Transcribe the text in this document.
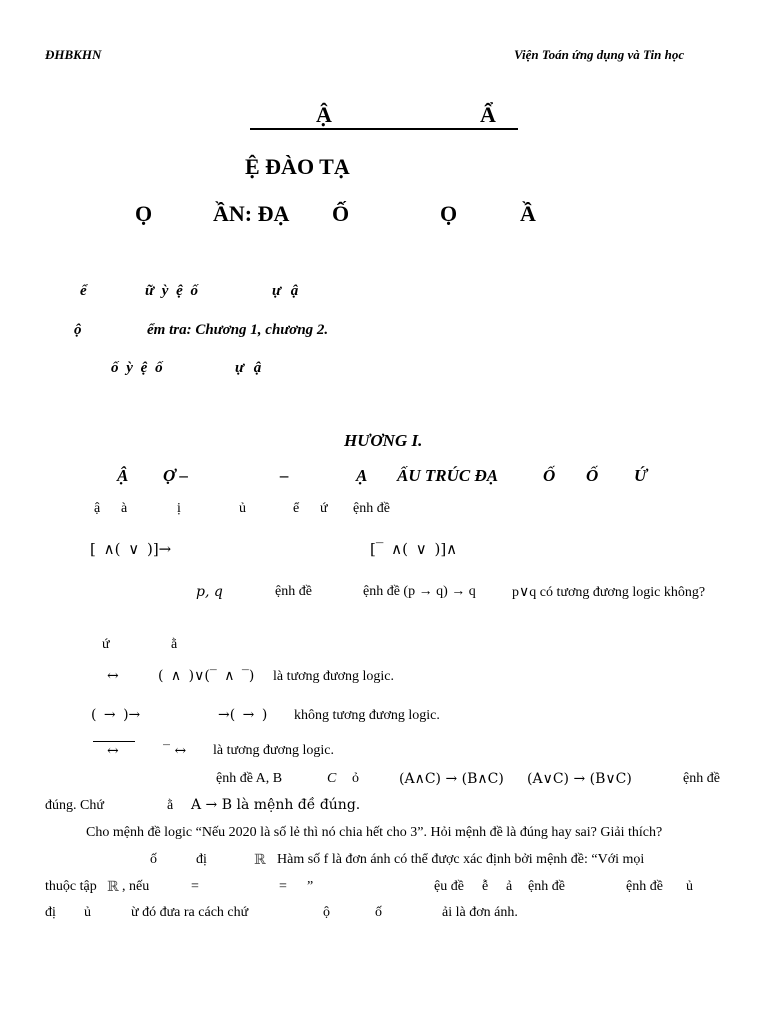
ĐHBKHN	Viện Toán ứng dụng và Tin học
Ậ	Ẩ
Ệ ĐÀO TẠ
Ọ	ẦN: ĐẠ Ố	Ọ	Ầ
ể	ữ ỳ ệ ố	ự ậ
ộ	ểm tra: Chương 1, chương 2.
ố ỳ ệ ố	ự ậ
HƯƠNG I.
Ậ Ợ –	–	Ạ ẤU TRÚC ĐẠ	Ố Ố Ứ
ậ à	ị	ủ	ể ứ ệnh đề
[ ∧( ∨ )]→	[‾ ∧( ∨ )]∧
p, q	ệnh đề	ệnh đề (p → q) → q	p∨q có tương đương logic không?
ứ	ằ
↔	( ∧ )∨(‾ ∧ ‾) là tương đương logic.
( → )→	→( → ) không tương đương logic.
↔	‾ ↔ là tương đương logic.
ệnh đề A, B	C ỏ	(A∧C) → (B∧C) (A∨C) → (B∨C)	ệnh đề
đúng. Chứ	ằ A → B là mệnh đề đúng.
Cho mệnh đề logic “Nếu 2020 là số lẻ thì nó chia hết cho 3”. Hỏi mệnh đề là đúng hay sai? Giải thích?
ố	đị	ℝ Hàm số f là đơn ánh có thể được xác định bởi mệnh đề: “Với mọi
thuộc tập ℝ , nếu	=	= ”	ệu đề ễ ả ệnh đề	ệnh đề ủ
đị ủ	ừ đó đưa ra cách chứ	ộ	ố	ải là đơn ánh.
